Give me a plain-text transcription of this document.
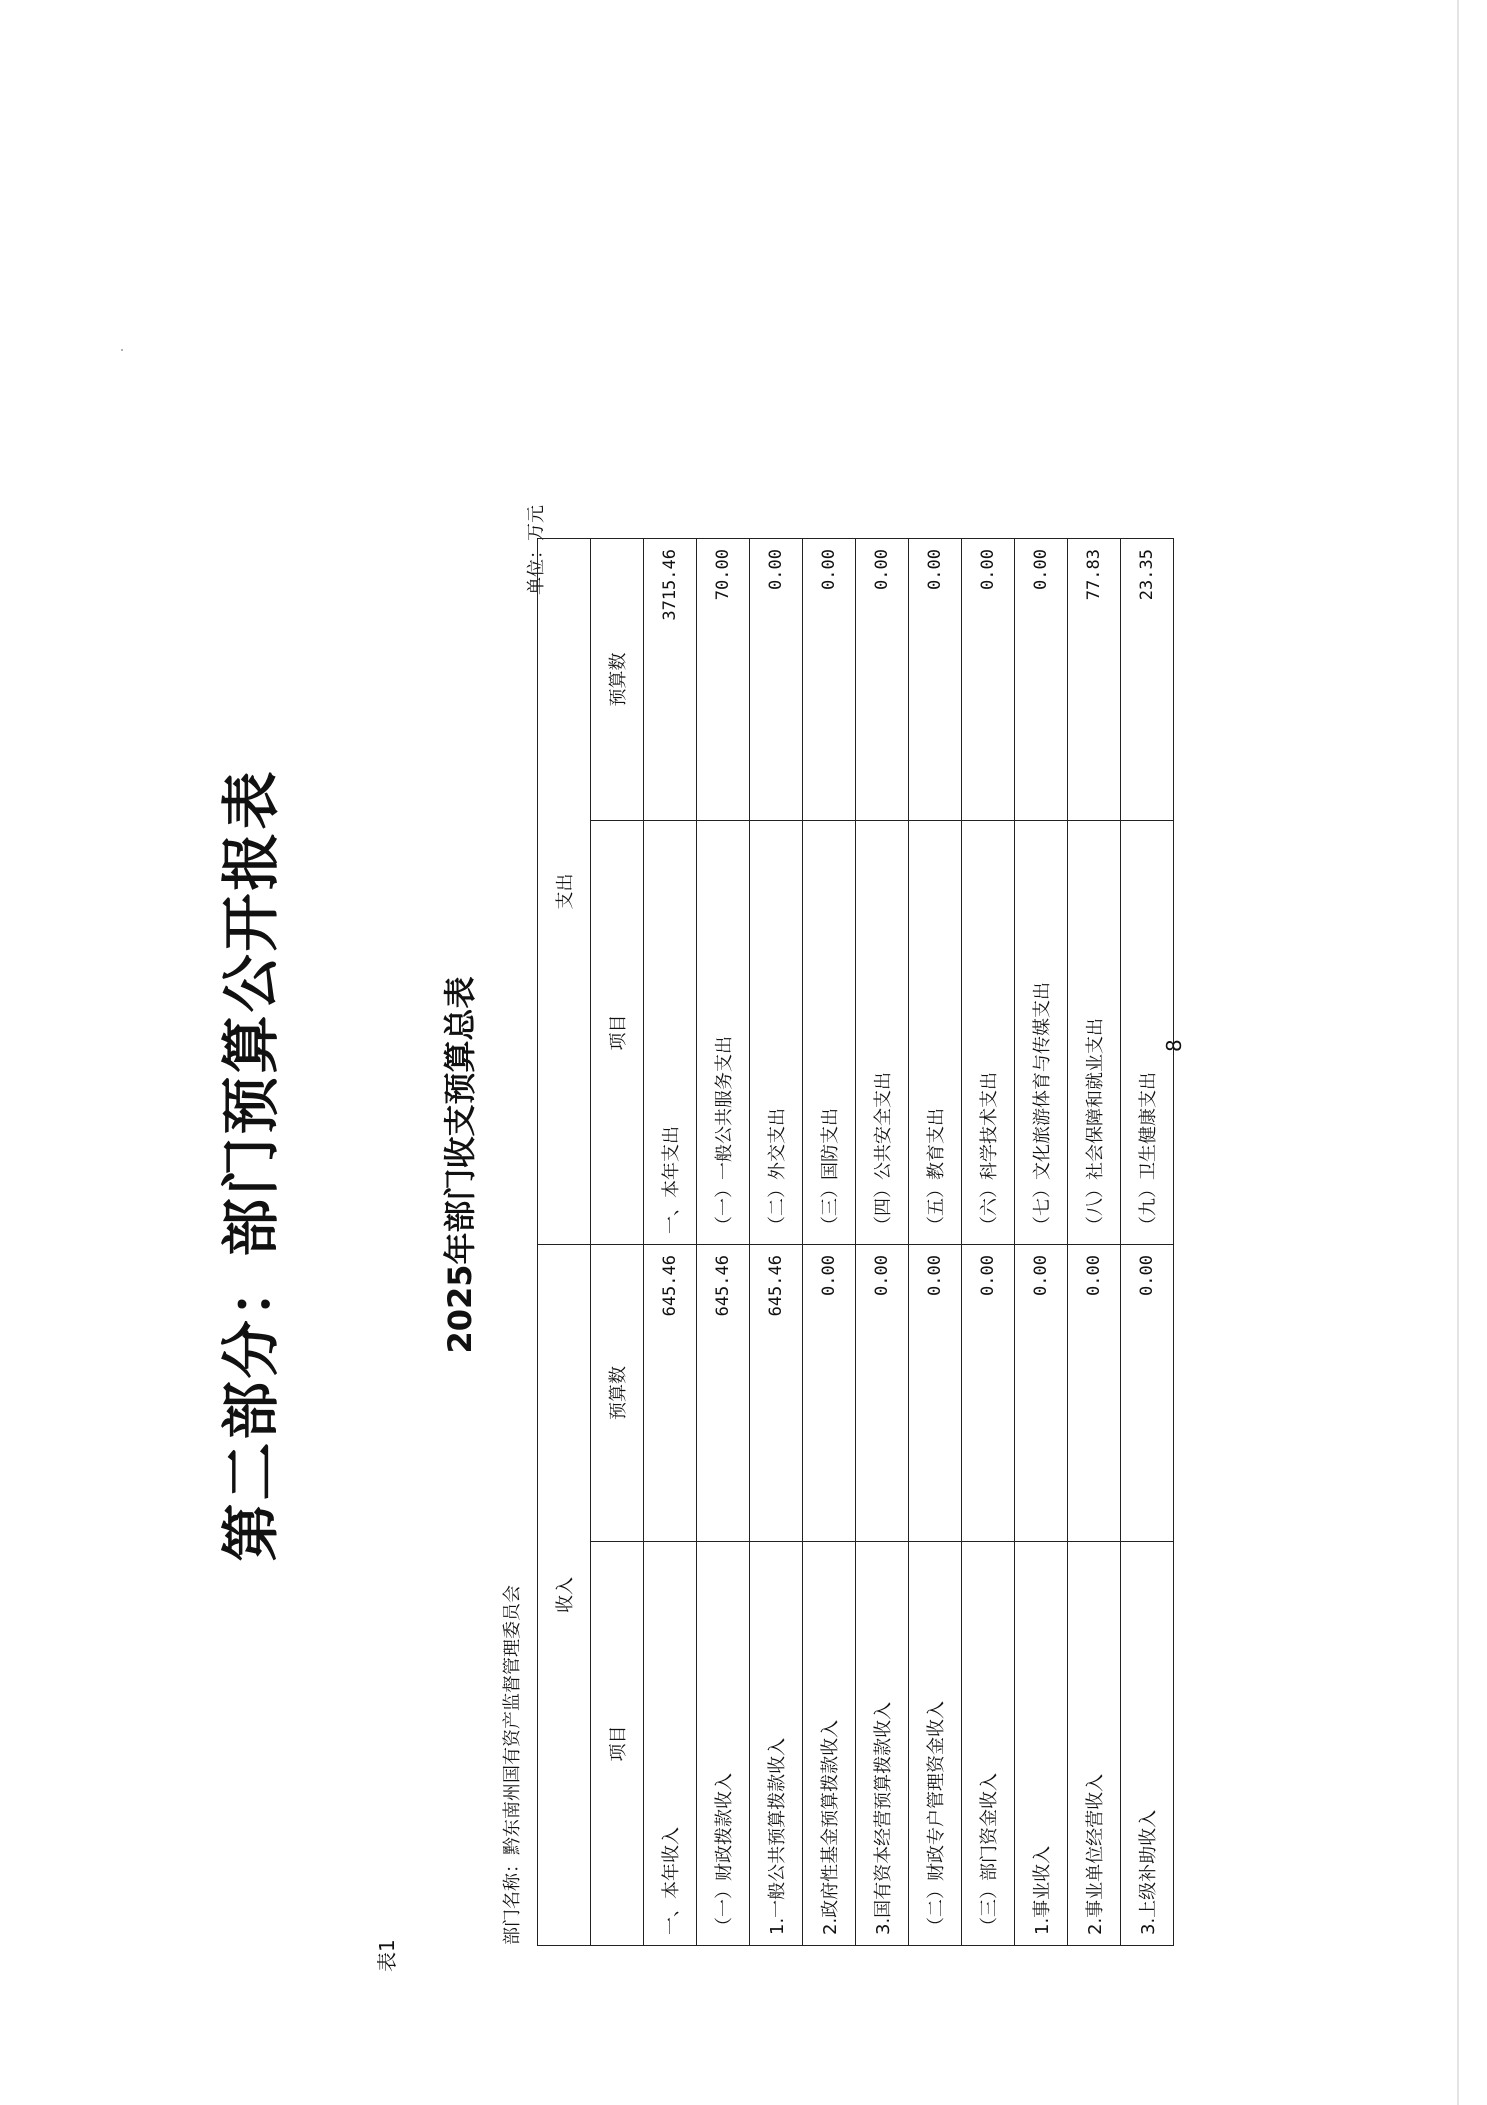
第二部分：部门预算公开报表
表1
2025年部门收支预算总表
部门名称：黔东南州国有资产监督管理委员会
单位：万元
收入		支出	
项目	预算数	项目	预算数
一、本年收入	645.46	一、本年支出	3715.46
（一）财政拨款收入	645.46	（一）一般公共服务支出	70.00
1.一般公共预算拨款收入	645.46	（二）外交支出	0.00
2.政府性基金预算拨款收入	0.00	（三）国防支出	0.00
3.国有资本经营预算拨款收入	0.00	（四）公共安全支出	0.00
（二）财政专户管理资金收入	0.00	（五）教育支出	0.00
（三）部门资金收入	0.00	（六）科学技术支出	0.00
1.事业收入	0.00	（七）文化旅游体育与传媒支出	0.00
2.事业单位经营收入	0.00	（八）社会保障和就业支出	77.83
3.上级补助收入	0.00	（九）卫生健康支出	23.35
8
